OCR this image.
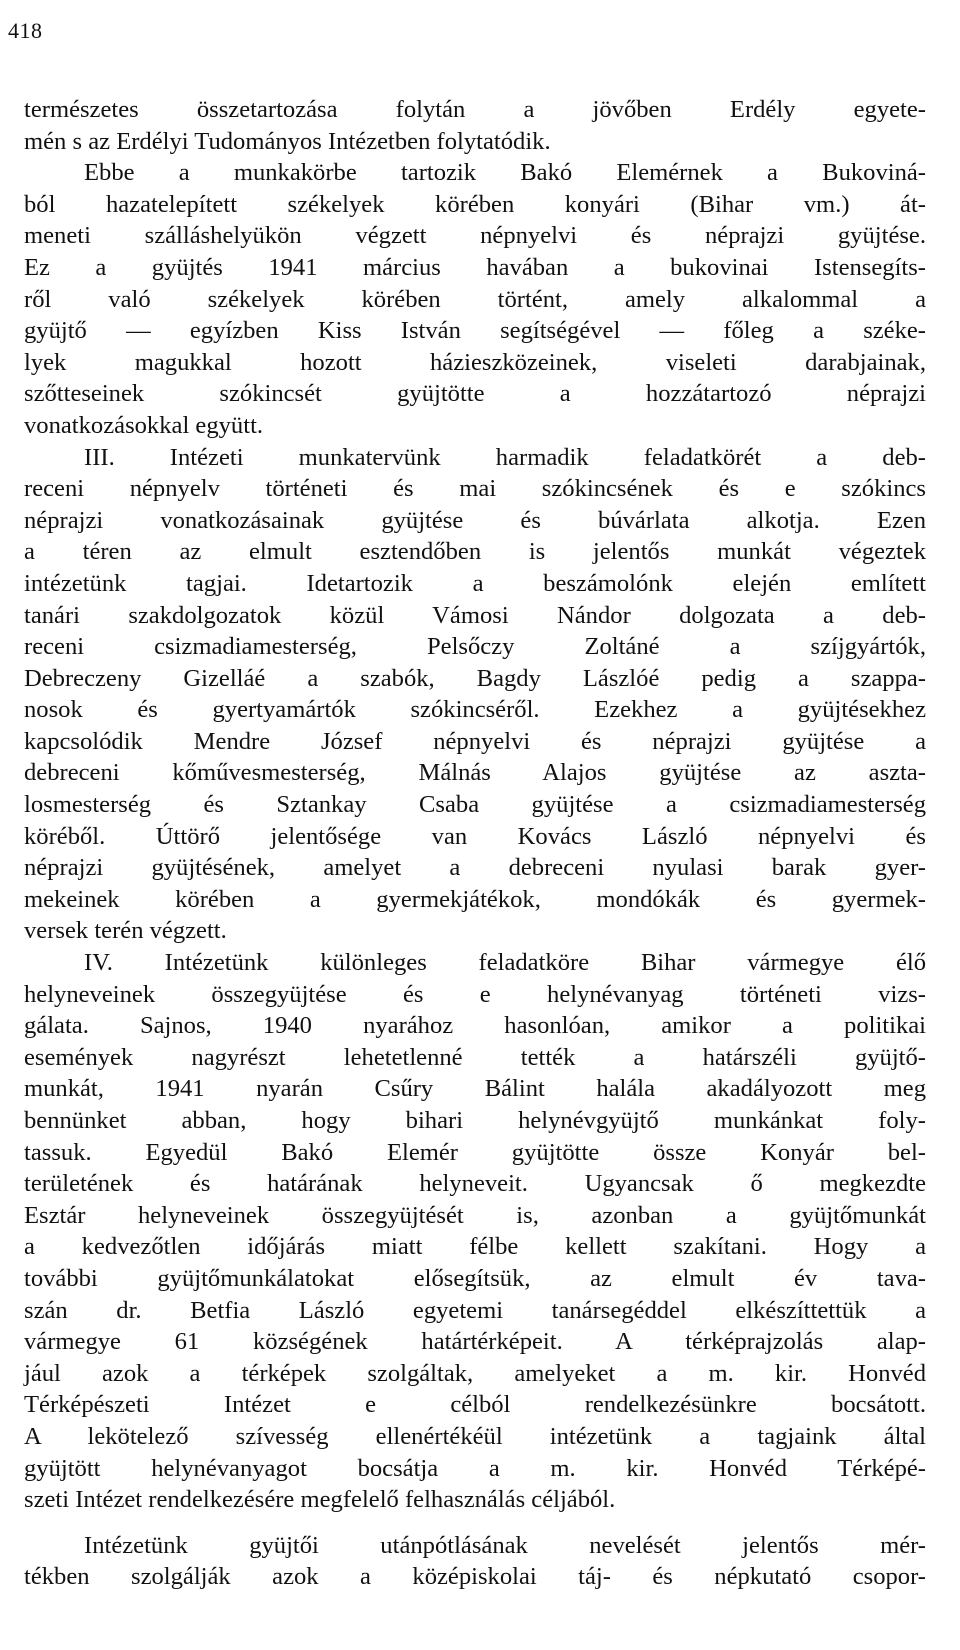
418
természetes összetartozása folytán a jövőben Erdély egyete-
mén s az Erdélyi Tudományos Intézetben folytatódik.
Ebbe a munkakörbe tartozik Bakó Elemérnek a Bukoviná-
ból hazatelepített székelyek körében konyári (Bihar vm.) át-
meneti szálláshelyükön végzett népnyelvi és néprajzi gyüjtése.
Ez a gyüjtés 1941 március havában a bukovinai Istensegíts-
ről való székelyek körében történt, amely alkalommal a
gyüjtő — egyízben Kiss István segítségével — főleg a széke-
lyek magukkal hozott házieszközeinek, viseleti darabjainak,
szőtteseinek szókincsét gyüjtötte a hozzátartozó néprajzi
vonatkozásokkal együtt.
III. Intézeti munkatervünk harmadik feladatkörét a deb-
receni népnyelv történeti és mai szókincsének és e szókincs
néprajzi vonatkozásainak gyüjtése és búvárlata alkotja. Ezen
a téren az elmult esztendőben is jelentős munkát végeztek
intézetünk tagjai. Idetartozik a beszámolónk elején említett
tanári szakdolgozatok közül Vámosi Nándor dolgozata a deb-
receni csizmadiamesterség, Pelsőczy Zoltáné a szíjgyártók,
Debreczeny Gizelláé a szabók, Bagdy Lászlóé pedig a szappa-
nosok és gyertyamártók szókincséről. Ezekhez a gyüjtésekhez
kapcsolódik Mendre József népnyelvi és néprajzi gyüjtése a
debreceni kőművesmesterség, Málnás Alajos gyüjtése az aszta-
losmesterség és Sztankay Csaba gyüjtése a csizmadiamesterség
köréből. Úttörő jelentősége van Kovács László népnyelvi és
néprajzi gyüjtésének, amelyet a debreceni nyulasi barak gyer-
mekeinek körében a gyermekjátékok, mondókák és gyermek-
versek terén végzett.
IV. Intézetünk különleges feladatköre Bihar vármegye élő
helyneveinek összegyüjtése és e helynévanyag történeti vizs-
gálata. Sajnos, 1940 nyarához hasonlóan, amikor a politikai
események nagyrészt lehetetlenné tették a határszéli gyüjtő-
munkát, 1941 nyarán Csűry Bálint halála akadályozott meg
bennünket abban, hogy bihari helynévgyüjtő munkánkat foly-
tassuk. Egyedül Bakó Elemér gyüjtötte össze Konyár bel-
területének és határának helyneveit. Ugyancsak ő megkezdte
Esztár helyneveinek összegyüjtését is, azonban a gyüjtőmunkát
a kedvezőtlen időjárás miatt félbe kellett szakítani. Hogy a
további gyüjtőmunkálatokat elősegítsük, az elmult év tava-
szán dr. Betfia László egyetemi tanársegéddel elkészíttettük a
vármegye 61 községének határtérképeit. A térképrajzolás alap-
jául azok a térképek szolgáltak, amelyeket a m. kir. Honvéd
Térképészeti Intézet e célból rendelkezésünkre bocsátott.
A lekötelező szívesség ellenértékéül intézetünk a tagjaink által
gyüjtött helynévanyagot bocsátja a m. kir. Honvéd Térképé-
szeti Intézet rendelkezésére megfelelő felhasználás céljából.
Intézetünk gyüjtői utánpótlásának nevelését jelentős mér-
tékben szolgálják azok a középiskolai táj- és népkutató csopor-
